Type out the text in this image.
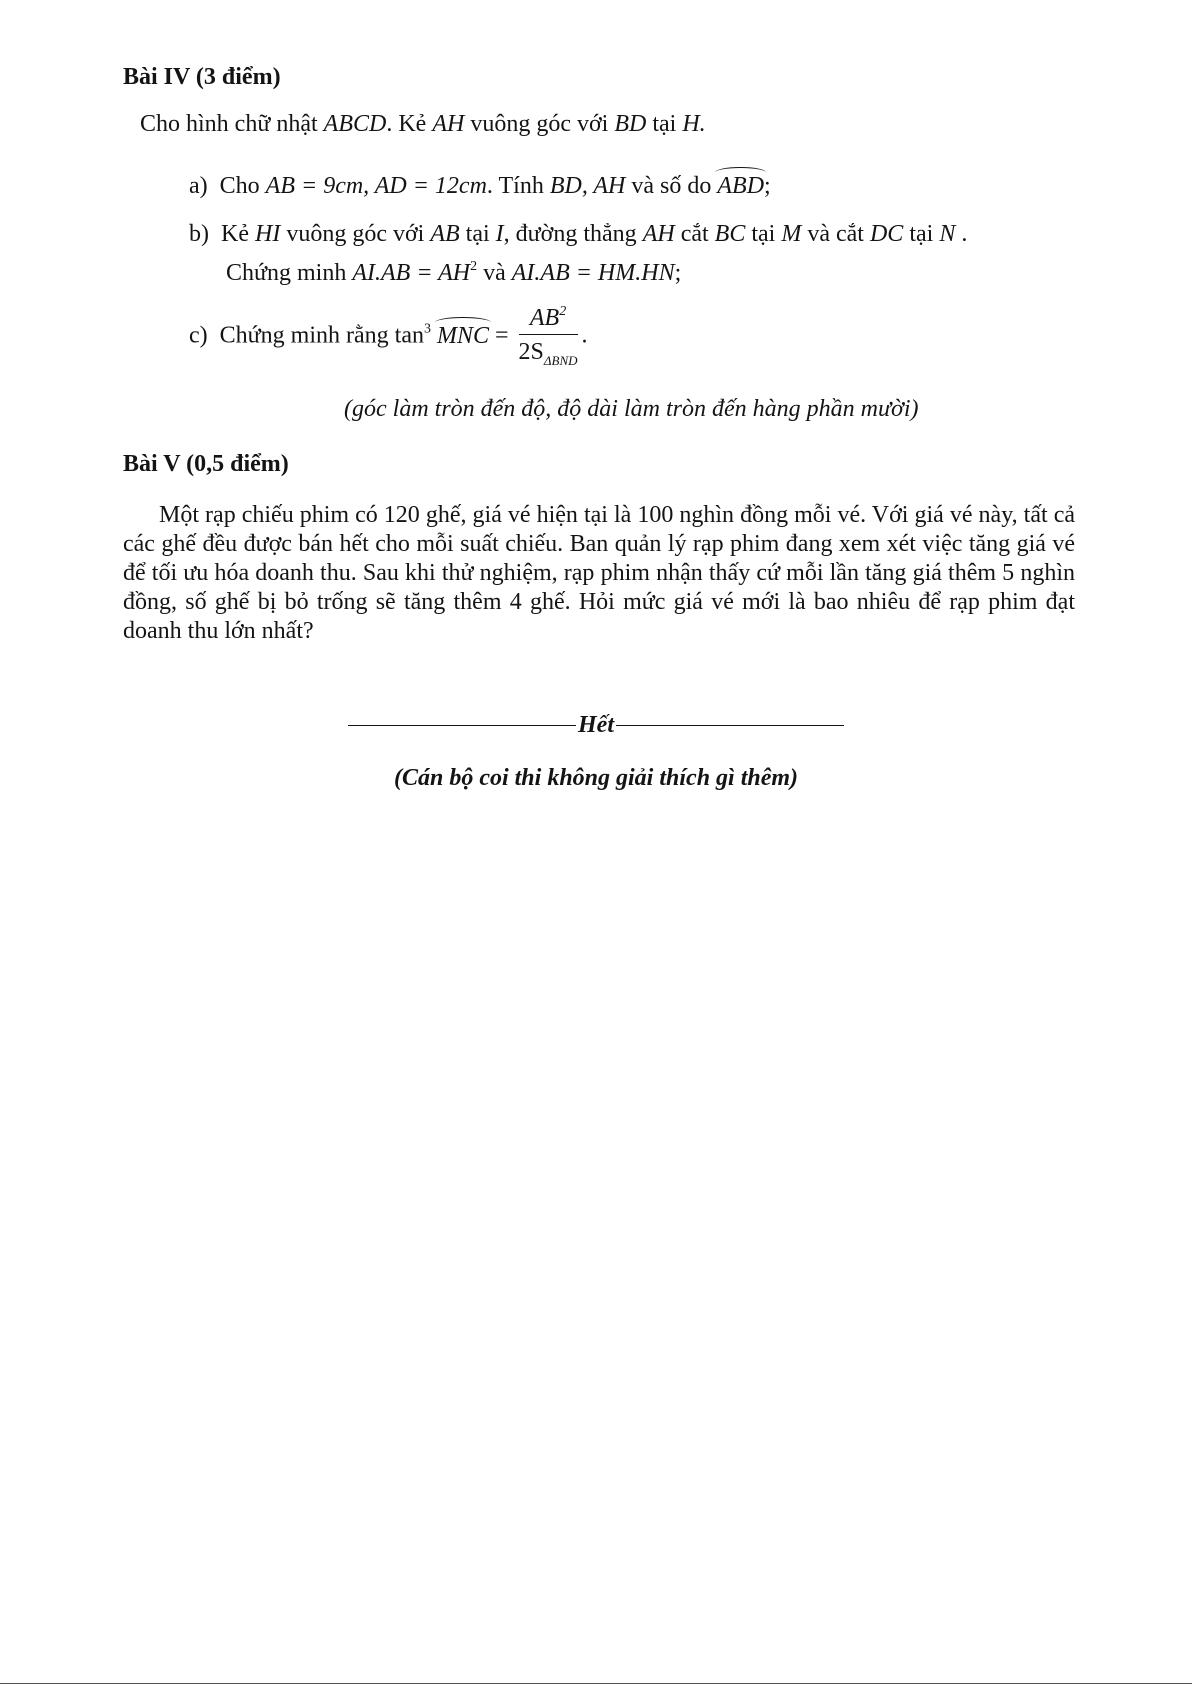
Bài IV (3 điểm)

Cho hình chữ nhật ABCD. Kẻ AH vuông góc với BD tại H.

a) Cho AB = 9cm, AD = 12cm. Tính BD, AH và số do ABD;

b) Kẻ HI vuông góc với AB tại I, đường thẳng AH cắt BC tại M và cắt DC tại N .

Chứng minh $AI.AB = AH^2$ và AI.AB = HM.HN;

c) Chứng minh rằng $\tan^3$ MNC = $\frac{AB^2}{2S_{\Delta BND}}$ .

(góc làm tròn đến độ, độ dài làm tròn đến hàng phần mười)

Bài V (0,5 điểm)

Một rạp chiếu phim có 120 ghế, giá vé hiện tại là 100 nghìn đồng mỗi vé. Với giá vé này, tất cả các ghế đều được bán hết cho mỗi suất chiếu. Ban quản lý rạp phim đang xem xét việc tăng giá vé để tối ưu hóa doanh thu. Sau khi thử nghiệm, rạp phim nhận thấy cứ mỗi lần tăng giá thêm 5 nghìn đồng, số ghế bị bỏ trống sẽ tăng thêm 4 ghế. Hỏi mức giá vé mới là bao nhiêu để rạp phim đạt doanh thu lớn nhất?

Hết

(Cán bộ coi thi không giải thích gì thêm)
